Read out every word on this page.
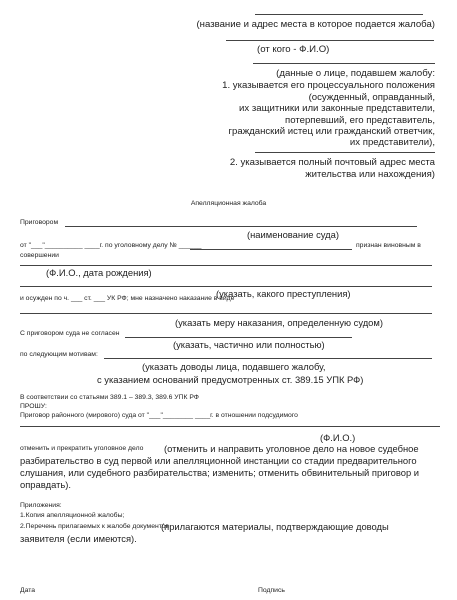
(название и адрес места в которое подается жалоба)
(от кого - Ф.И.О)
(данные о лице, подавшем жалобу:
1. указывается его процессуального положения
(осужденный, оправданный,
их защитники или законные представители,
потерпевший, его представитель,
гражданский истец или гражданский ответчик,
их представители),
2. указывается полный почтовый адрес места
жительства или нахождения)
Апелляционная жалоба
Приговором
(наименование суда)
от "___"__________ ____г. по уголовному делу № ______	признан виновным в
совершении
(Ф.И.О., дата рождения)
(указать, какого преступления)
и осужден по ч. ___ ст. ___ УК РФ; мне назначено наказание в виде
(указать меру наказания, определенную судом)
С приговором суда не согласен
(указать, частично или полностью)
по следующим мотивам:
(указать доводы лица, подавшего жалобу,
с указанием оснований предусмотренных ст. 389.15 УПК РФ)
В соответствии со статьями 389.1 – 389.3, 389.6 УПК РФ
ПРОШУ:
Приговор районного (мирового) суда от "___"________ ____г. в отношении подсудимого
(Ф.И.О.)
отменить и прекратить уголовное дело (отменить и направить уголовное дело на новое судебное
разбирательство в суд первой или апелляционной инстанции со стадии предварительного
слушания, или судебного разбирательства; изменить; отменить обвинительный приговор и
оправдать).
Приложения:
1.Копия апелляционной жалобы;
2.Перечень прилагаемых к жалобе документов
(прилагаются материалы, подтверждающие доводы
заявителя (если имеются).
Дата	Подпись
